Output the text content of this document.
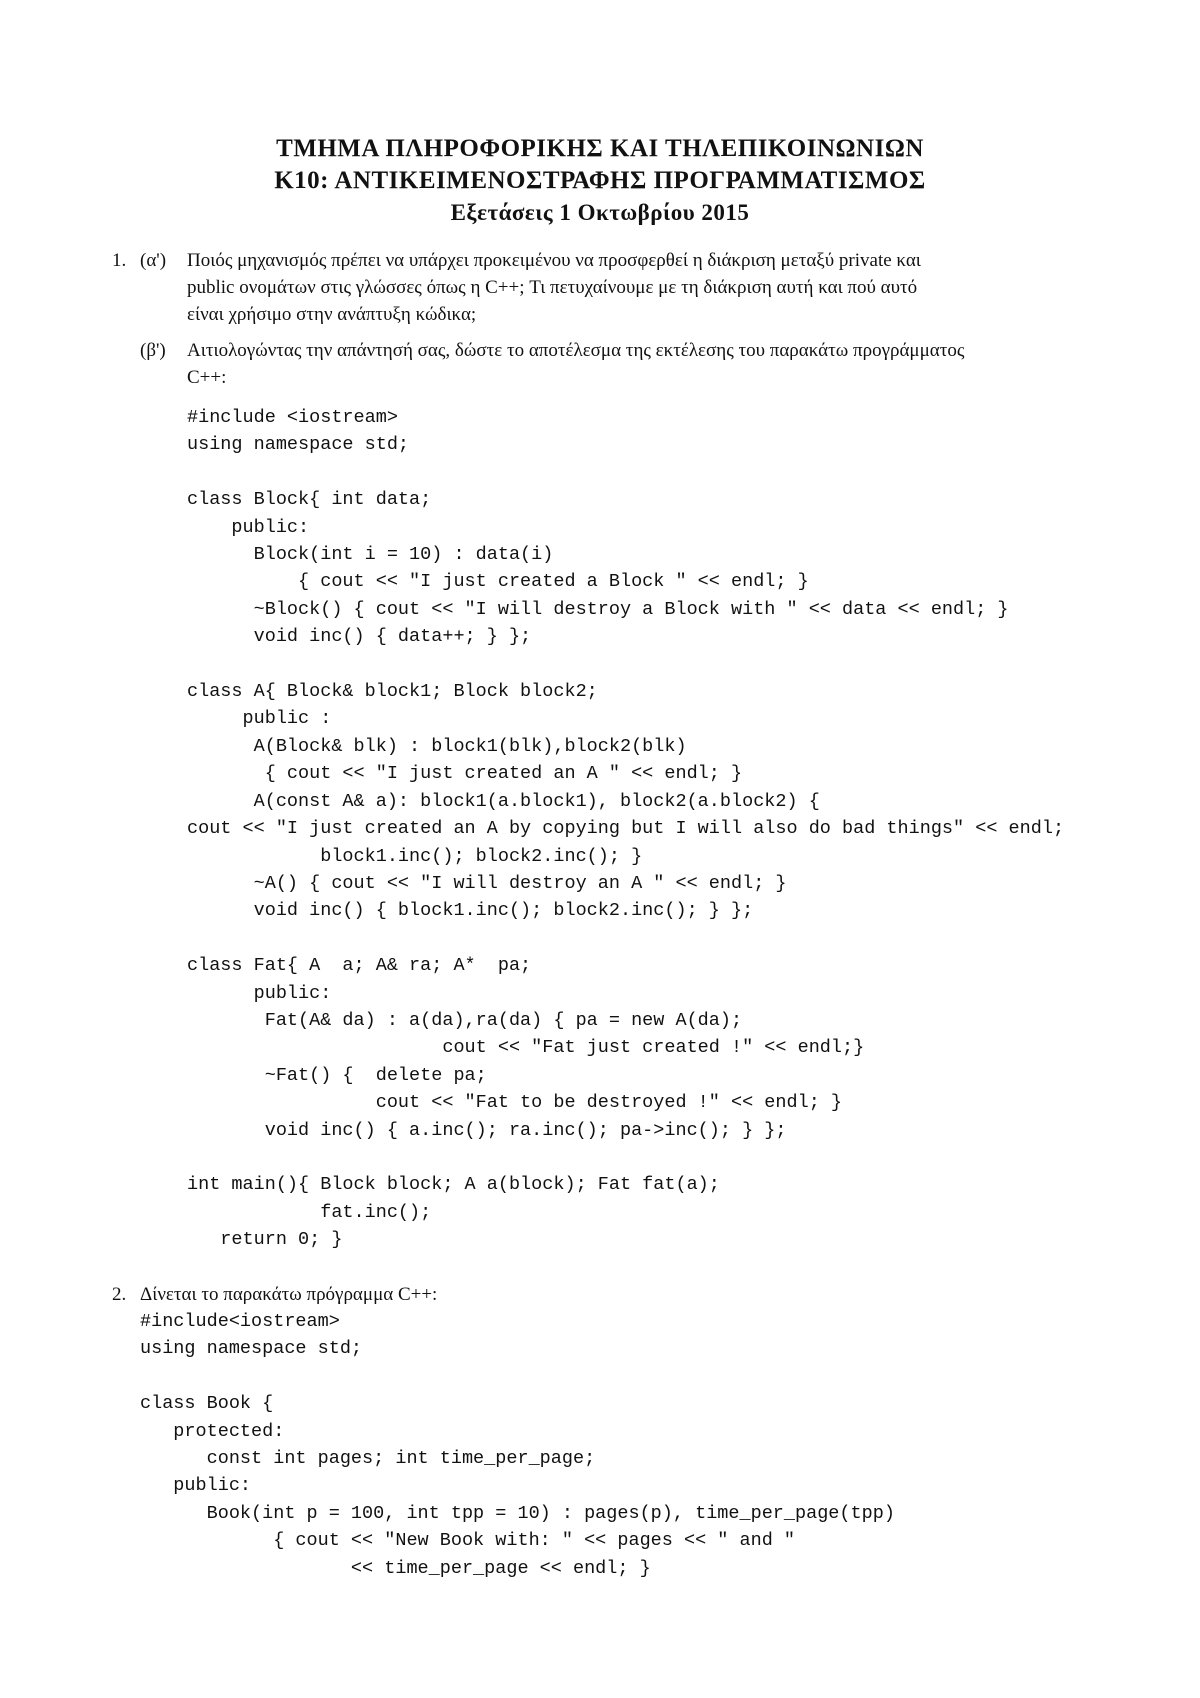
ΤΜΗΜΑ ΠΛΗΡΟΦΟΡΙΚΗΣ ΚΑΙ ΤΗΛΕΠΙΚΟΙΝΩΝΙΩΝ
Κ10: ΑΝΤΙΚΕΙΜΕΝΟΣΤΡΑΦΗΣ ΠΡΟΓΡΑΜΜΑΤΙΣΜΟΣ
Εξετάσεις 1 Οκτωβρίου 2015
1. (α') Ποιός μηχανισμός πρέπει να υπάρχει προκειμένου να προσφερθεί η διάκριση μεταξύ private και
public ονομάτων στις γλώσσες όπως η C++; Τι πετυχαίνουμε με τη διάκριση αυτή και πού αυτό
είναι χρήσιμο στην ανάπτυξη κώδικα;
(β') Αιτιολογώντας την απάντησή σας, δώστε το αποτέλεσμα της εκτέλεσης του παρακάτω προγράμματος
C++:
#include <iostream>
using namespace std;

class Block{ int data;
public:
Block(int i = 10) : data(i)
{ cout << "I just created a Block " << endl; }
~Block() { cout << "I will destroy a Block with " << data << endl; }
void inc() { data++; } };

class A{ Block& block1; Block block2;
public :
A(Block& blk) : block1(blk),block2(blk)
{ cout << "I just created an A " << endl; }
A(const A& a): block1(a.block1), block2(a.block2) {
cout << "I just created an A by copying but I will also do bad things" << endl;
block1.inc(); block2.inc(); }
~A() { cout << "I will destroy an A " << endl; }
void inc() { block1.inc(); block2.inc(); } };

class Fat{ A  a; A& ra; A*  pa;
public:
Fat(A& da) : a(da),ra(da) { pa = new A(da);
cout << "Fat just created !" << endl;}
~Fat() {  delete pa;
cout << "Fat to be destroyed !" << endl; }
void inc() { a.inc(); ra.inc(); pa->inc(); } };

int main(){ Block block; A a(block); Fat fat(a);
fat.inc();
return 0; }
2. Δίνεται το παρακάτω πρόγραμμα C++:
#include<iostream>
using namespace std;

class Book {
protected:
const int pages; int time_per_page;
public:
Book(int p = 100, int tpp = 10) : pages(p), time_per_page(tpp)
{ cout << "New Book with: " << pages << " and "
<< time_per_page << endl; }
